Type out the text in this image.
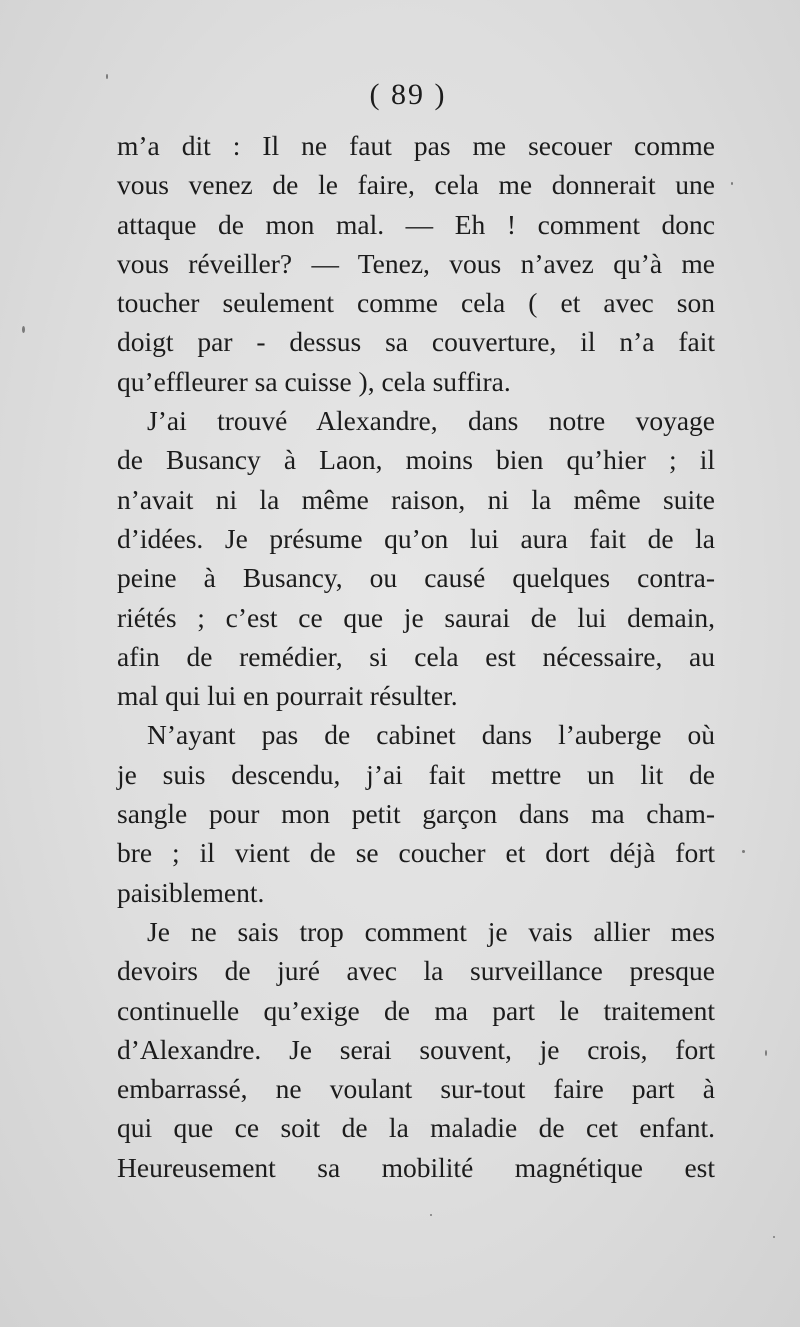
( 89 )
m’a dit : Il ne faut pas me secouer comme
vous venez de le faire, cela me donnerait une
attaque de mon mal. — Eh ! comment donc
vous réveiller? — Tenez, vous n’avez qu’à me
toucher seulement comme cela ( et avec son
doigt par - dessus sa couverture, il n’a fait
qu’effleurer sa cuisse ), cela suffira.
J’ai trouvé Alexandre, dans notre voyage
de Busancy à Laon, moins bien qu’hier ; il
n’avait ni la même raison, ni la même suite
d’idées. Je présume qu’on lui aura fait de la
peine à Busancy, ou causé quelques contra-
riétés ; c’est ce que je saurai de lui demain,
afin de remédier, si cela est nécessaire, au
mal qui lui en pourrait résulter.
N’ayant pas de cabinet dans l’auberge où
je suis descendu, j’ai fait mettre un lit de
sangle pour mon petit garçon dans ma cham-
bre ; il vient de se coucher et dort déjà fort
paisiblement.
Je ne sais trop comment je vais allier mes
devoirs de juré avec la surveillance presque
continuelle qu’exige de ma part le traitement
d’Alexandre. Je serai souvent, je crois, fort
embarrassé, ne voulant sur-tout faire part à
qui que ce soit de la maladie de cet enfant.
Heureusement sa mobilité magnétique est
